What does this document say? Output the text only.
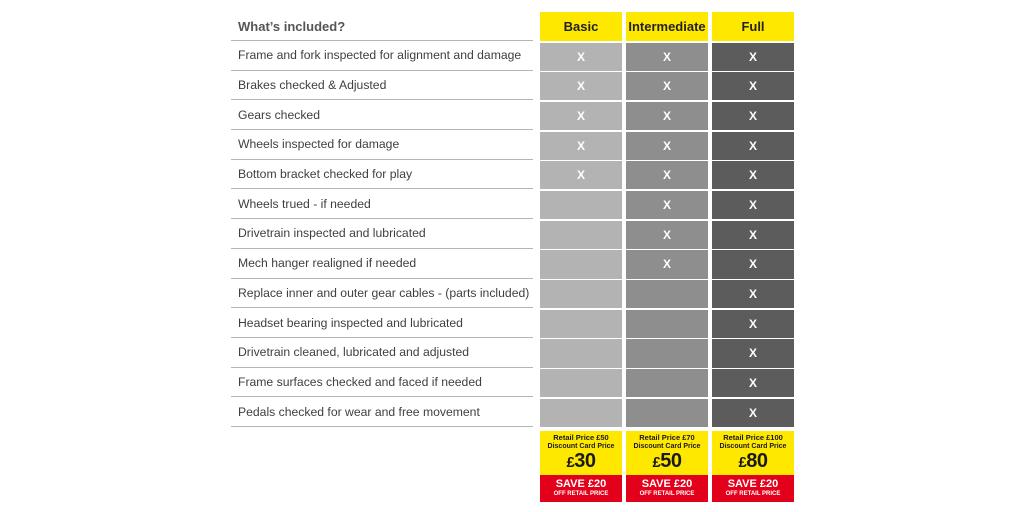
What’s included?
Frame and fork inspected for alignment and damage
Brakes checked & Adjusted
Gears checked
Wheels inspected for damage
Bottom bracket checked for play
Wheels trued - if needed
Drivetrain inspected and lubricated
Mech hanger realigned if needed
Replace inner and outer gear cables - (parts included)
Headset bearing inspected and lubricated
Drivetrain cleaned, lubricated and adjusted
Frame surfaces checked and faced if needed
Pedals checked for wear and free movement
Basic
X
X
X
X
X
Intermediate
X
X
X
X
X
X
X
X
Full
X
X
X
X
X
X
X
X
X
X
X
X
X
Retail Price £50
Discount Card Price
£30
SAVE £20
OFF RETAIL PRICE
Retail Price £70
Discount Card Price
£50
SAVE £20
OFF RETAIL PRICE
Retail Price £100
Discount Card Price
£80
SAVE £20
OFF RETAIL PRICE
